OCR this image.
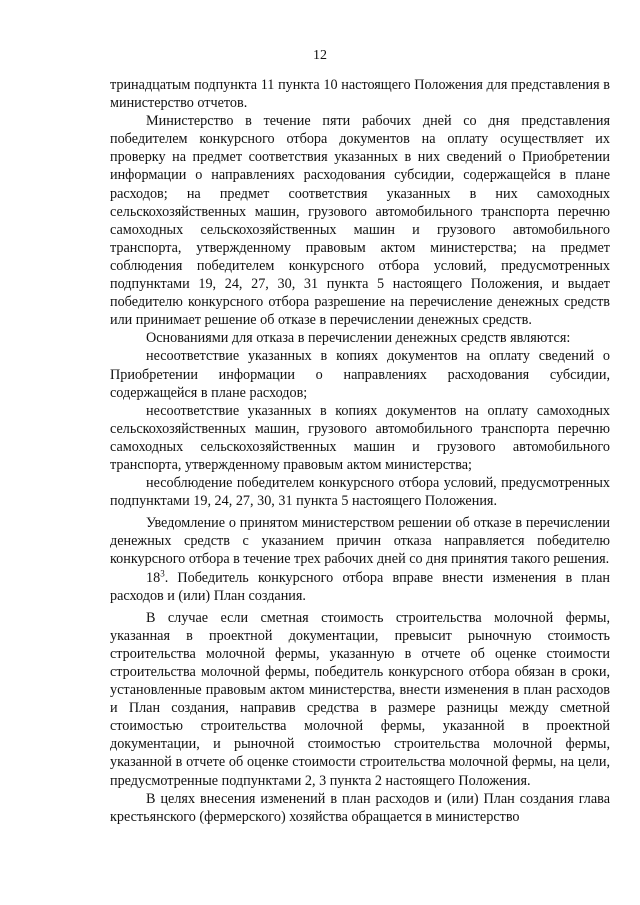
12

тринадцатым подпунктa 11 пункта 10 настоящего Положения для представления в министерство отчетов.

Министерство в течение пяти рабочих дней со дня представления победителем конкурсного отбора документов на оплату осуществляет их проверку на предмет соответствия указанных в них сведений о Приобретении информации о направлениях расходования субсидии, содержащейся в плане расходов; на предмет соответствия указанных в них самоходных сельскохозяйственных машин, грузового автомобильного транспорта перечню самоходных сельскохозяйственных машин и грузового автомобильного транспорта, утвержденному правовым актом министерства; на предмет соблюдения победителем конкурсного отбора условий, предусмотренных подпунктами 19, 24, 27, 30, 31 пункта 5 настоящего Положения, и выдает победителю конкурсного отбора разрешение на перечисление денежных средств или принимает решение об отказе в перечислении денежных средств.

Основаниями для отказа в перечислении денежных средств являются:

несоответствие указанных в копиях документов на оплату сведений о Приобретении информации о направлениях расходования субсидии, содержащейся в плане расходов;

несоответствие указанных в копиях документов на оплату самоходных сельскохозяйственных машин, грузового автомобильного транспорта перечню самоходных сельскохозяйственных машин и грузового автомобильного транспорта, утвержденному правовым актом министерства;

несоблюдение победителем конкурсного отбора условий, предусмотренных подпунктами 19, 24, 27, 30, 31 пункта 5 настоящего Положения.

Уведомление о принятом министерством решении об отказе в перечислении денежных средств с указанием причин отказа направляется победителю конкурсного отбора в течение трех рабочих дней со дня принятия такого решения.

$18^3$. Победитель конкурсного отбора вправе внести изменения в план расходов и (или) План создания.

В случае если сметная стоимость строительства молочной фермы, указанная в проектной документации, превысит рыночную стоимость строительства молочной фермы, указанную в отчете об оценке стоимости строительства молочной фермы, победитель конкурсного отбора обязан в сроки, установленные правовым актом министерства, внести изменения в план расходов и План создания, направив средства в размере разницы между сметной стоимостью строительства молочной фермы, указанной в проектной документации, и рыночной стоимостью строительства молочной фермы, указанной в отчете об оценке стоимости строительства молочной фермы, на цели, предусмотренные подпунктами 2, 3 пункта 2 настоящего Положения.

В целях внесения изменений в план расходов и (или) План создания глава крестьянского (фермерского) хозяйства обращается в министерство
